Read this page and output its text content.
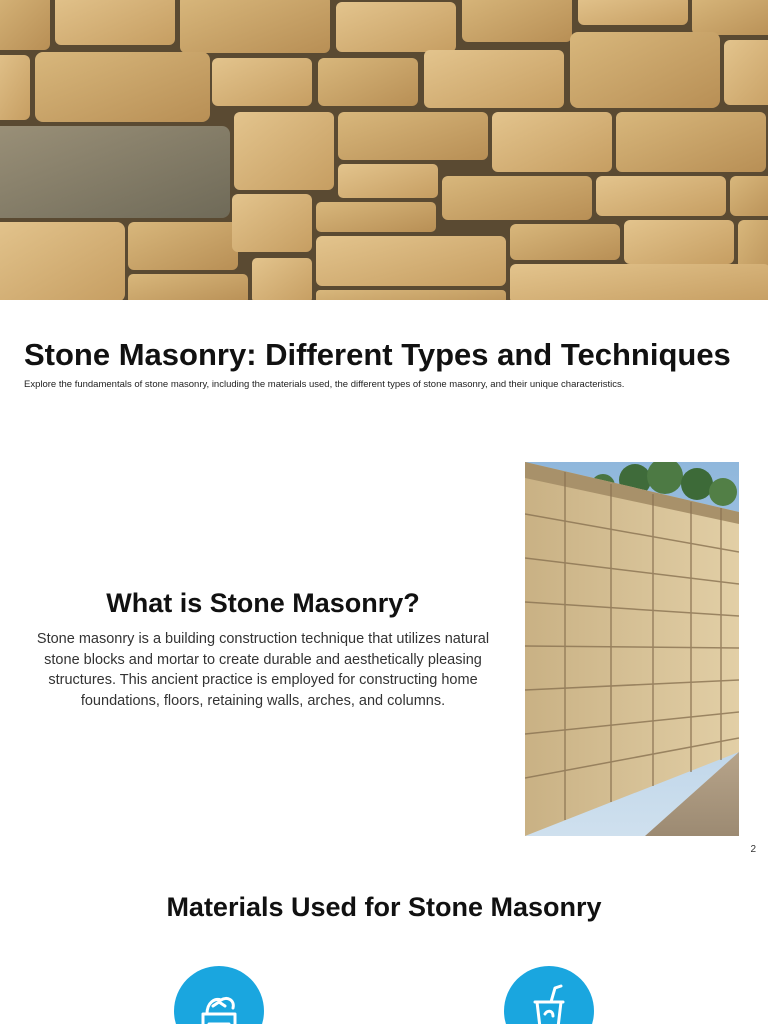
Stone Masonry: Different Types and Techniques

Explore the fundamentals of stone masonry, including the materials used, the different types of stone masonry, and their unique characteristics.

What is Stone Masonry?

Stone masonry is a building construction technique that utilizes natural stone blocks and mortar to create durable and aesthetically pleasing structures. This ancient practice is employed for constructing home foundations, floors, retaining walls, arches, and columns.

2
Materials Used for Stone Masonry
